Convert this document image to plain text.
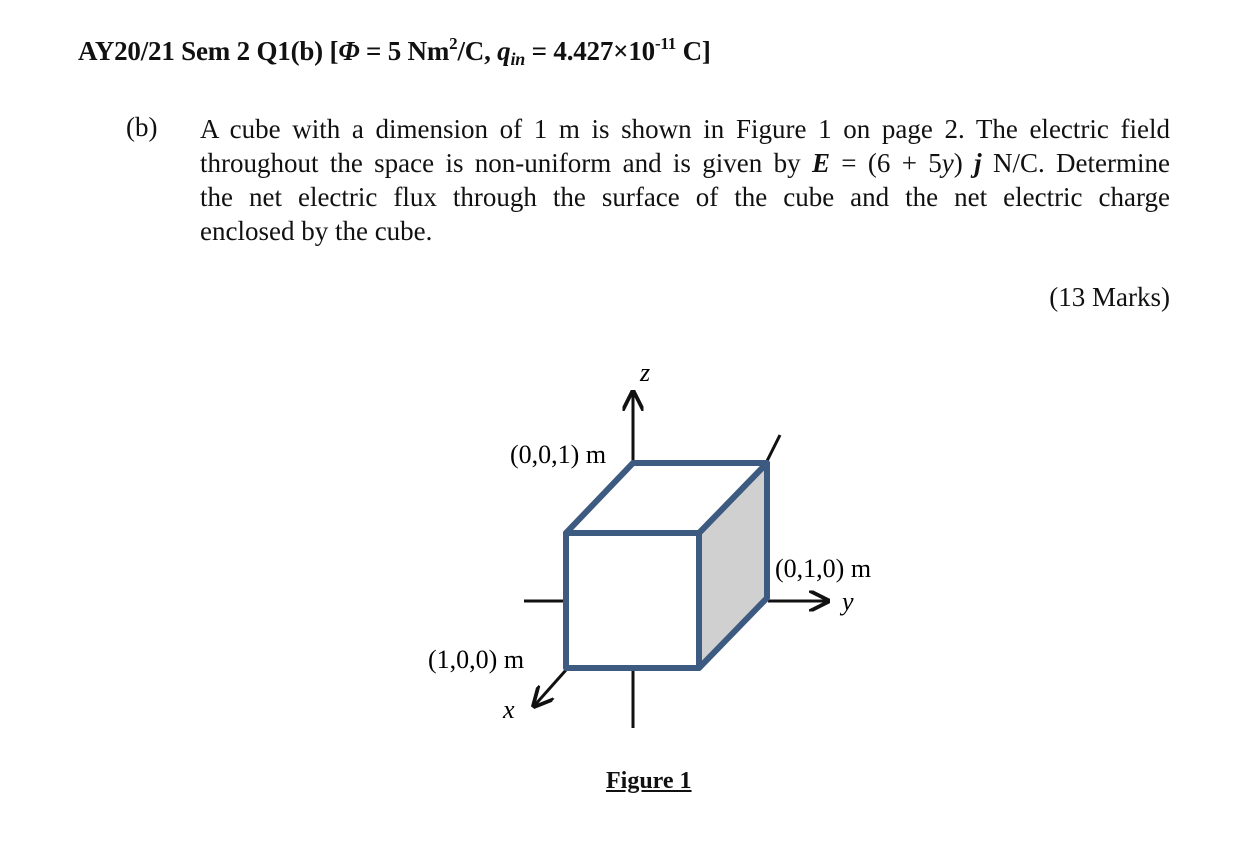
AY20/21 Sem 2 Q1(b) [Φ = 5 Nm$^2$/C, $q_{in} = 4.427\times 10^{-11}$ C]
(b) A cube with a dimension of 1 m is shown in Figure 1 on page 2. The electric field
throughout the space is non-uniform and is given by E = (6 + 5y) j N/C. Determine
the net electric flux through the surface of the cube and the net electric charge
enclosed by the cube.
(13 Marks)
z
y
x
(0,0,1) m
(0,1,0) m
(1,0,0) m
Figure 1
